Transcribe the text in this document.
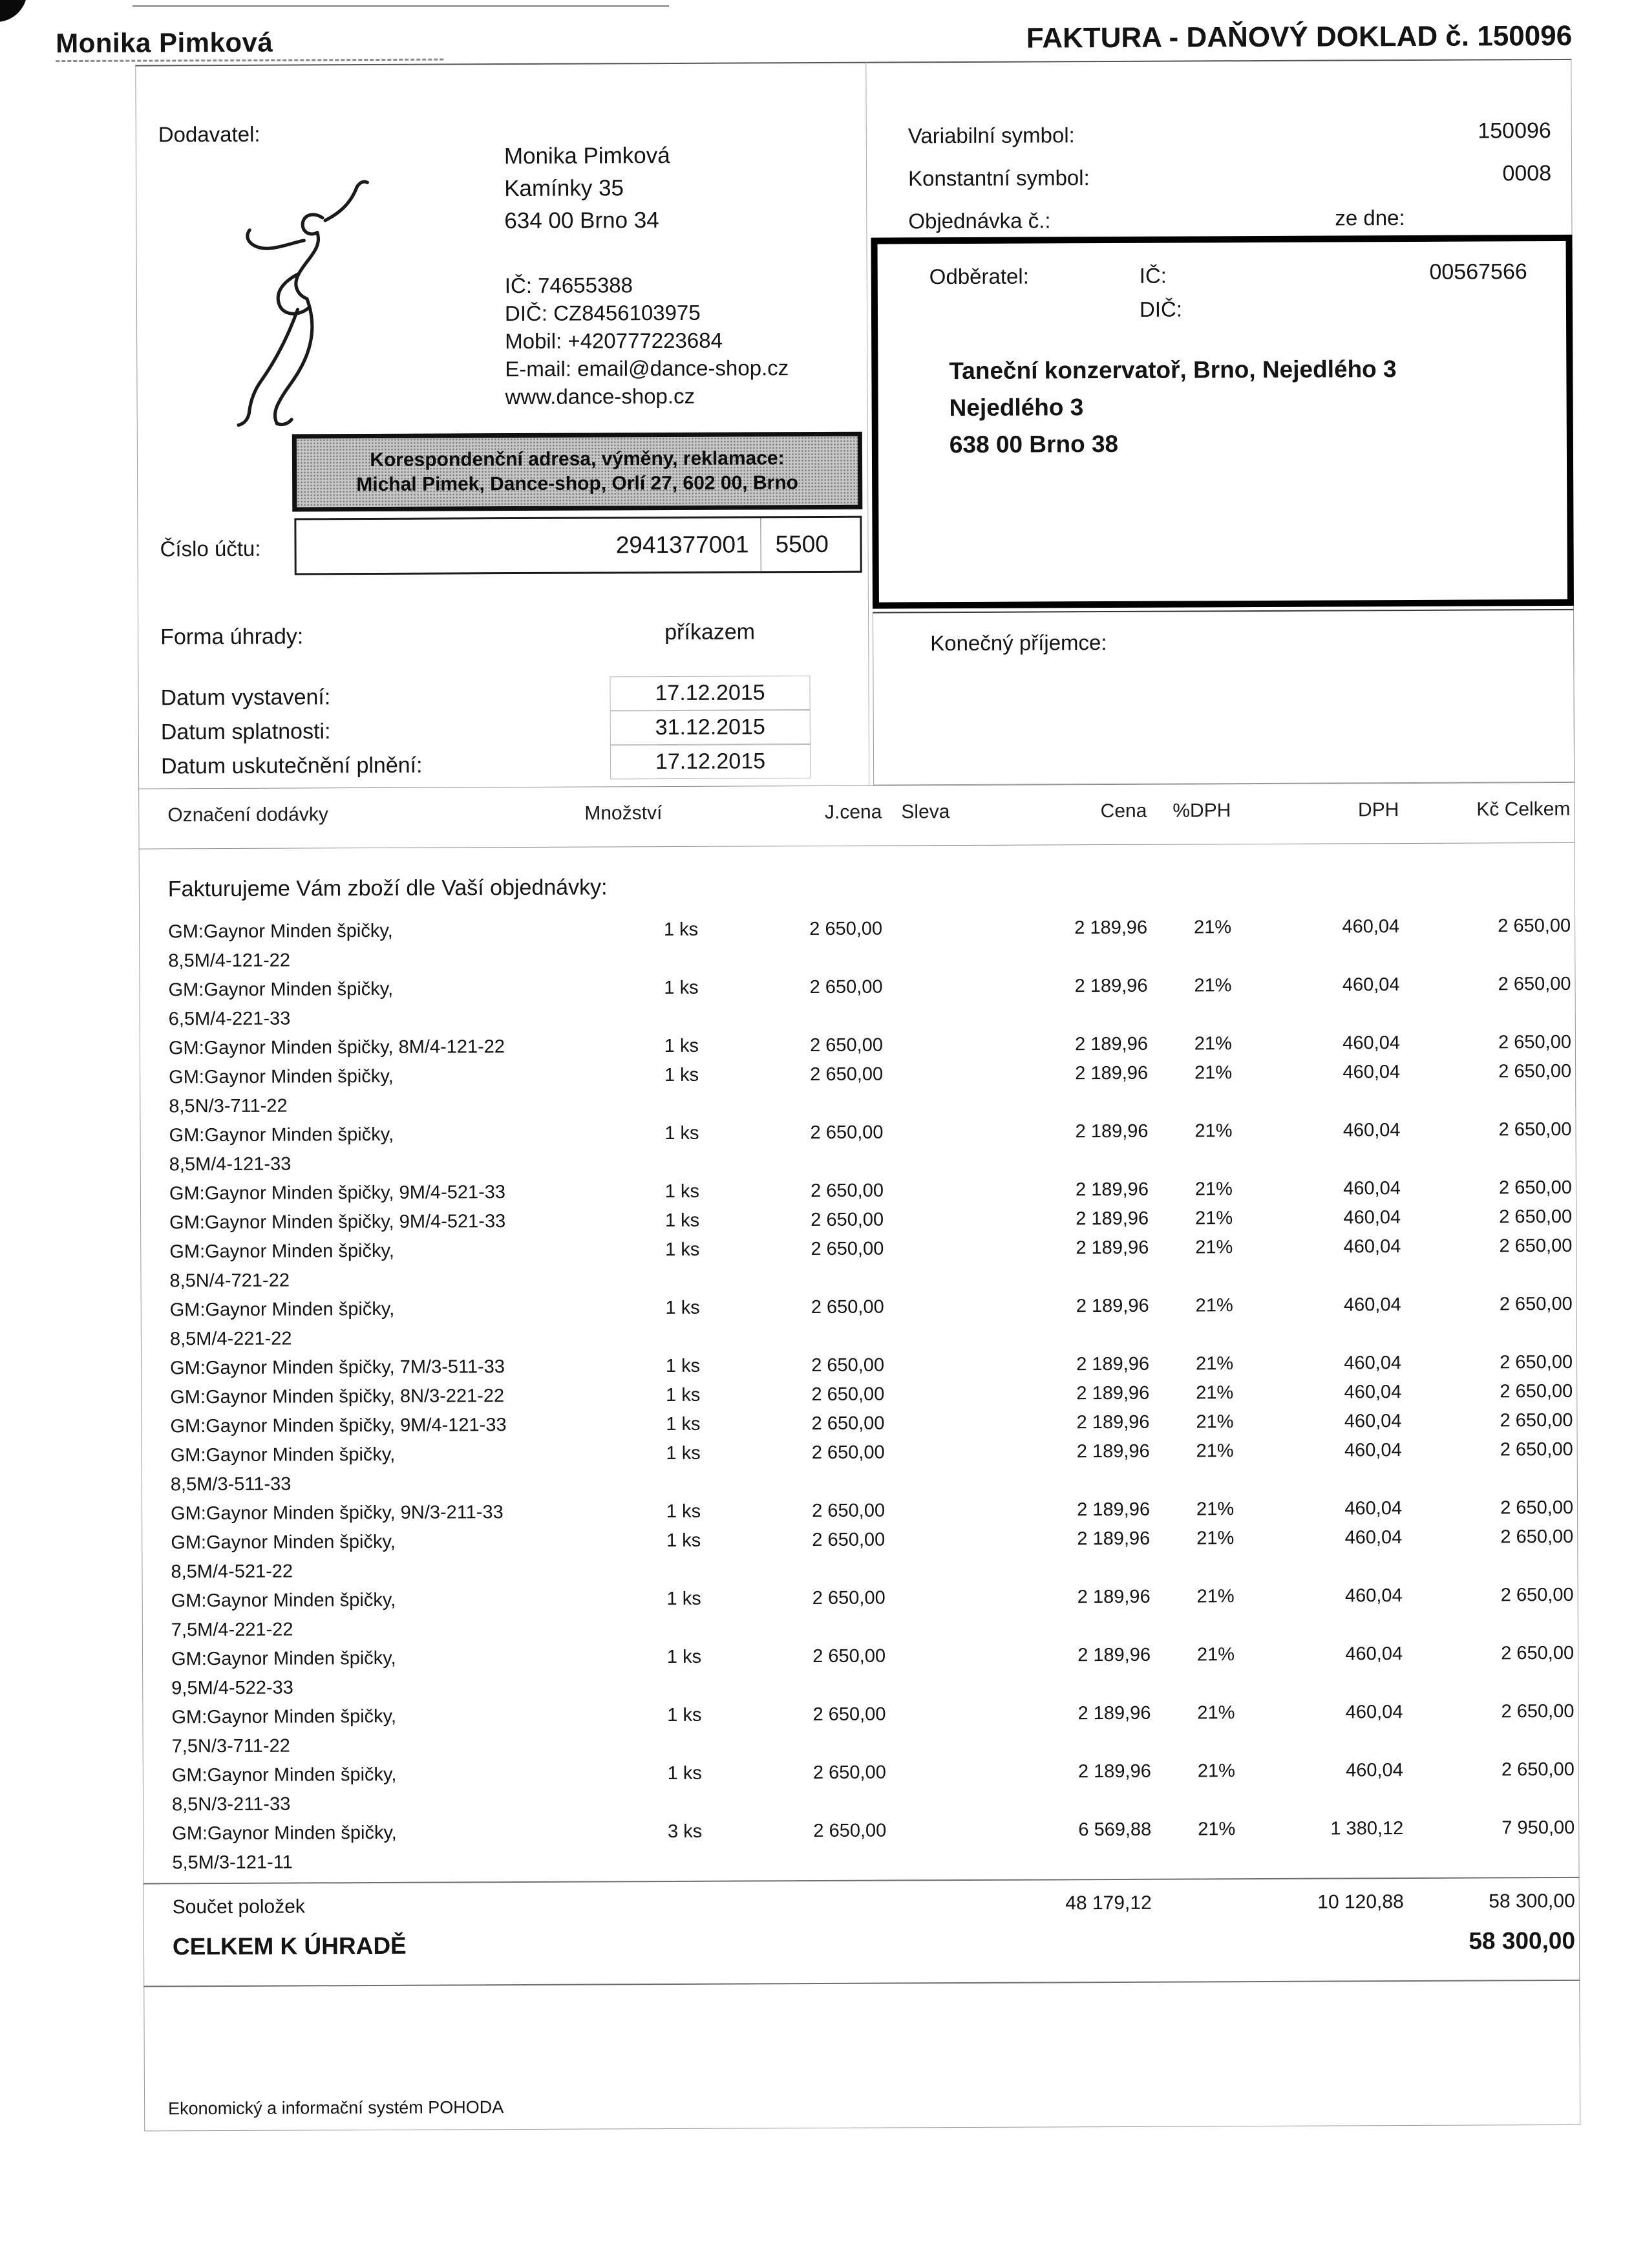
Monika Pimková	FAKTURA - DAŇOVÝ DOKLAD č. 150096
Dodavatel:
Monika Pimková
Kamínky 35
634 00 Brno 34
IČ: 74655388
DIČ: CZ8456103975
Mobil: +420777223684
E-mail: email@dance-shop.cz
www.dance-shop.cz
Korespondenční adresa, výměny, reklamace:
Michal Pimek, Dance-shop, Orlí 27, 602 00, Brno
Číslo účtu:	2941377001	5500
Variabilní symbol:	150096
Konstantní symbol:	0008
Objednávka č.:	ze dne:
Odběratel:	IČ:	00567566
DIČ:
Taneční konzervatoř, Brno, Nejedlého 3
Nejedlého 3
638 00 Brno 38
Konečný příjemce:
Forma úhrady:	příkazem
Datum vystavení:	17.12.2015
Datum splatnosti:	31.12.2015
Datum uskutečnění plnění:	17.12.2015
Označení dodávky	Množství	J.cena Sleva	Cena	%DPH	DPH	Kč Celkem
Fakturujeme Vám zboží dle Vaší objednávky:
GM:Gaynor Minden špičky,	1 ks	2 650,00	2 189,96	21%	460,04	2 650,00
8,5M/4-121-22
GM:Gaynor Minden špičky,	1 ks	2 650,00	2 189,96	21%	460,04	2 650,00
6,5M/4-221-33
GM:Gaynor Minden špičky, 8M/4-121-22	1 ks	2 650,00	2 189,96	21%	460,04	2 650,00
GM:Gaynor Minden špičky,	1 ks	2 650,00	2 189,96	21%	460,04	2 650,00
8,5N/3-711-22
GM:Gaynor Minden špičky,	1 ks	2 650,00	2 189,96	21%	460,04	2 650,00
8,5M/4-121-33
GM:Gaynor Minden špičky, 9M/4-521-33	1 ks	2 650,00	2 189,96	21%	460,04	2 650,00
GM:Gaynor Minden špičky, 9M/4-521-33	1 ks	2 650,00	2 189,96	21%	460,04	2 650,00
GM:Gaynor Minden špičky,	1 ks	2 650,00	2 189,96	21%	460,04	2 650,00
8,5N/4-721-22
GM:Gaynor Minden špičky,	1 ks	2 650,00	2 189,96	21%	460,04	2 650,00
8,5M/4-221-22
GM:Gaynor Minden špičky, 7M/3-511-33	1 ks	2 650,00	2 189,96	21%	460,04	2 650,00
GM:Gaynor Minden špičky, 8N/3-221-22	1 ks	2 650,00	2 189,96	21%	460,04	2 650,00
GM:Gaynor Minden špičky, 9M/4-121-33	1 ks	2 650,00	2 189,96	21%	460,04	2 650,00
GM:Gaynor Minden špičky,	1 ks	2 650,00	2 189,96	21%	460,04	2 650,00
8,5M/3-511-33
GM:Gaynor Minden špičky, 9N/3-211-33	1 ks	2 650,00	2 189,96	21%	460,04	2 650,00
GM:Gaynor Minden špičky,	1 ks	2 650,00	2 189,96	21%	460,04	2 650,00
8,5M/4-521-22
GM:Gaynor Minden špičky,	1 ks	2 650,00	2 189,96	21%	460,04	2 650,00
7,5M/4-221-22
GM:Gaynor Minden špičky,	1 ks	2 650,00	2 189,96	21%	460,04	2 650,00
9,5M/4-522-33
GM:Gaynor Minden špičky,	1 ks	2 650,00	2 189,96	21%	460,04	2 650,00
7,5N/3-711-22
GM:Gaynor Minden špičky,	1 ks	2 650,00	2 189,96	21%	460,04	2 650,00
8,5N/3-211-33
GM:Gaynor Minden špičky,	3 ks	2 650,00	6 569,88	21%	1 380,12	7 950,00
5,5M/3-121-11
Součet položek	48 179,12	10 120,88	58 300,00
CELKEM K ÚHRADĚ	58 300,00
Ekonomický a informační systém POHODA
